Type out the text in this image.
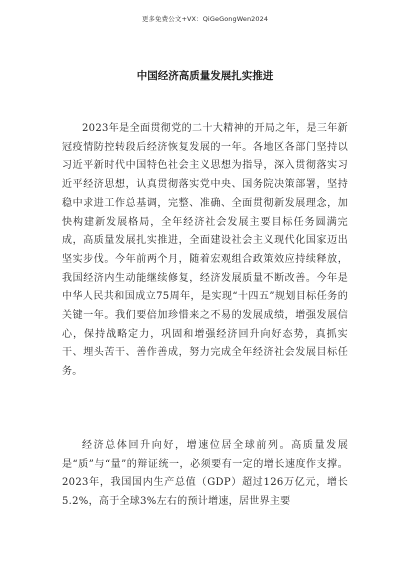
更多免费公文+VX：QiGeGongWen2024
中国经济高质量发展扎实推进

2023年是全面贯彻党的二十大精神的开局之年，是三年新冠疫情防控转段后经济恢复发展的一年。各地区各部门坚持以习近平新时代中国特色社会主义思想为指导，深入贯彻落实习近平经济思想，认真贯彻落实党中央、国务院决策部署，坚持稳中求进工作总基调，完整、准确、全面贯彻新发展理念，加快构建新发展格局，全年经济社会发展主要目标任务圆满完成，高质量发展扎实推进，全面建设社会主义现代化国家迈出坚实步伐。今年前两个月，随着宏观组合政策效应持续释放，我国经济内生动能继续修复，经济发展质量不断改善。今年是中华人民共和国成立75周年，是实现“十四五”规划目标任务的关键一年。我们要倍加珍惜来之不易的发展成绩，增强发展信心，保持战略定力，巩固和增强经济回升向好态势，真抓实干、埋头苦干、善作善成，努力完成全年经济社会发展目标任务。

经济总体回升向好，增速位居全球前列。高质量发展是“质”与“量”的辩证统一，必须要有一定的增长速度作支撑。2023年，我国国内生产总值（GDP）超过126万亿元，增长5.2%，高于全球3%左右的预计增速，居世界主要
